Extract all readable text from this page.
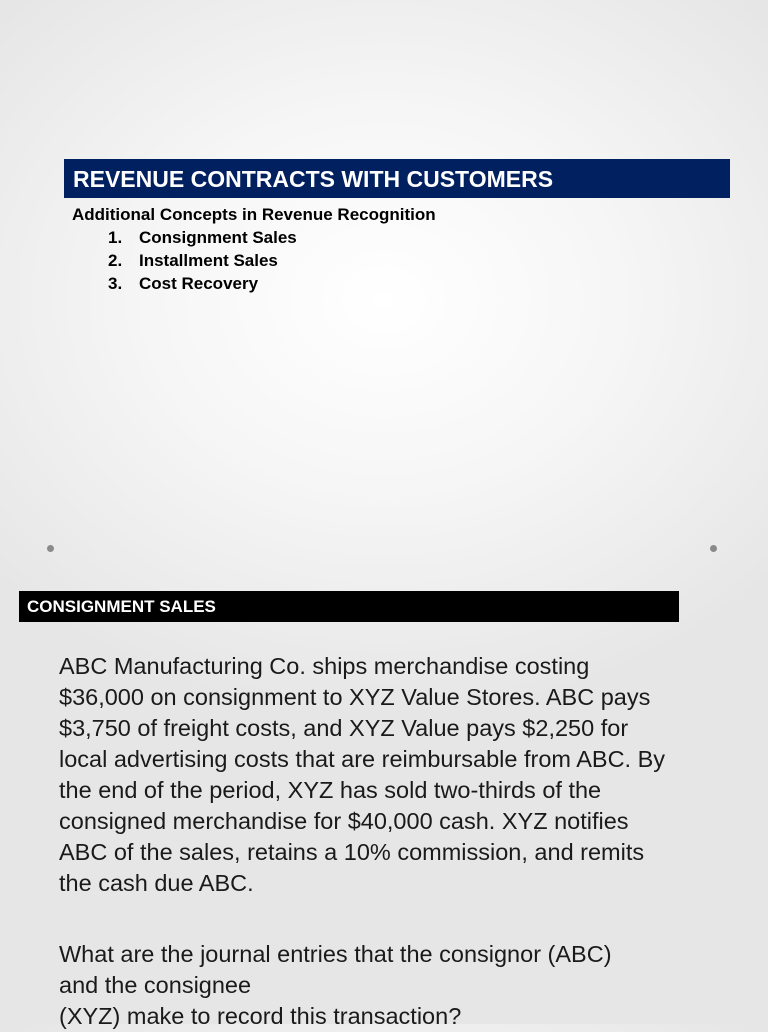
REVENUE CONTRACTS WITH CUSTOMERS
Additional Concepts in Revenue Recognition
1. Consignment Sales
2. Installment Sales
3. Cost Recovery
CONSIGNMENT SALES

ABC Manufacturing Co. ships merchandise costing
$36,000 on consignment to XYZ Value Stores. ABC pays
$3,750 of freight costs, and XYZ Value pays $2,250 for
local advertising costs that are reimbursable from ABC. By
the end of the period, XYZ has sold two-thirds of the
consigned merchandise for $40,000 cash. XYZ notifies
ABC of the sales, retains a 10% commission, and remits
the cash due ABC.

What are the journal entries that the consignor (ABC)
and the consignee
(XYZ) make to record this transaction?
